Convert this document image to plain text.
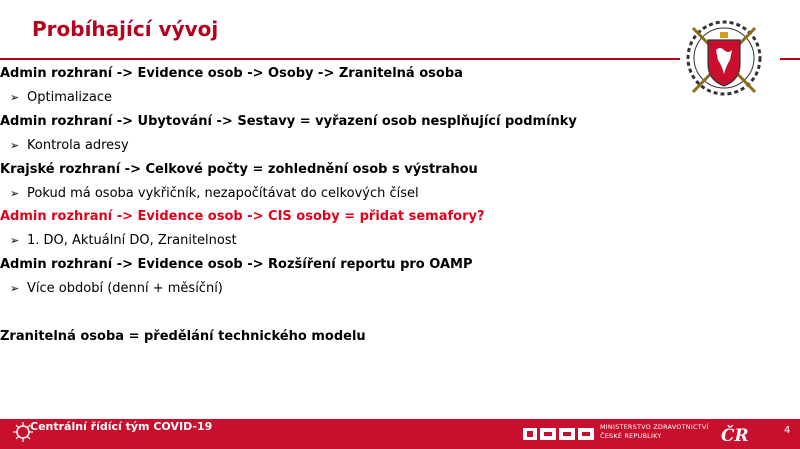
Probíhající vývoj
Admin rozhraní -> Evidence osob -> Osoby -> Zranitelná osoba
➢ Optimalizace
Admin rozhraní -> Ubytování -> Sestavy = vyřazení osob nesplňující podmínky
➢ Kontrola adresy
Krajské rozhraní -> Celkové počty = zohlednění osob s výstrahou
➢ Pokud má osoba vykřičník, nezapočítávat do celkových čísel
Admin rozhraní -> Evidence osob -> CIS osoby = přidat semafory?
➢ 1. DO, Aktuální DO, Zranitelnost
Admin rozhraní -> Evidence osob -> Rozšíření reportu pro OAMP
➢ Více období (denní + měsíční)
Zranitelná osoba = předělání technického modelu
Centrální řídící tým COVID-19	MINISTERSTVO ZDRAVOTNICTVÍ
ČESKÉ REPUBLIKY	ČR	4
